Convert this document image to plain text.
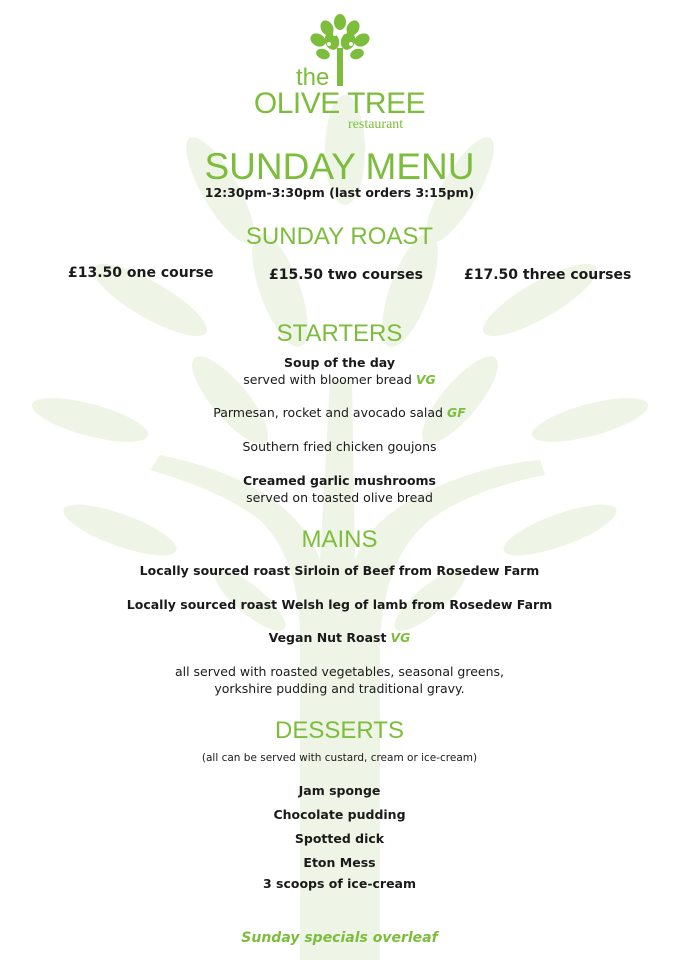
the
OLIVE TREE
restaurant
SUNDAY MENU
12:30pm-3:30pm (last orders 3:15pm)
SUNDAY ROAST
£13.50 one course	£15.50 two courses	£17.50 three courses
STARTERS
Soup of the day
served with bloomer bread VG
Parmesan, rocket and avocado salad GF
Southern fried chicken goujons
Creamed garlic mushrooms
served on toasted olive bread
MAINS
Locally sourced roast Sirloin of Beef from Rosedew Farm
Locally sourced roast Welsh leg of lamb from Rosedew Farm
Vegan Nut Roast VG
all served with roasted vegetables, seasonal greens,
yorkshire pudding and traditional gravy.
DESSERTS
(all can be served with custard, cream or ice-cream)
Jam sponge
Chocolate pudding
Spotted dick
Eton Mess
3 scoops of ice-cream
Sunday specials overleaf
